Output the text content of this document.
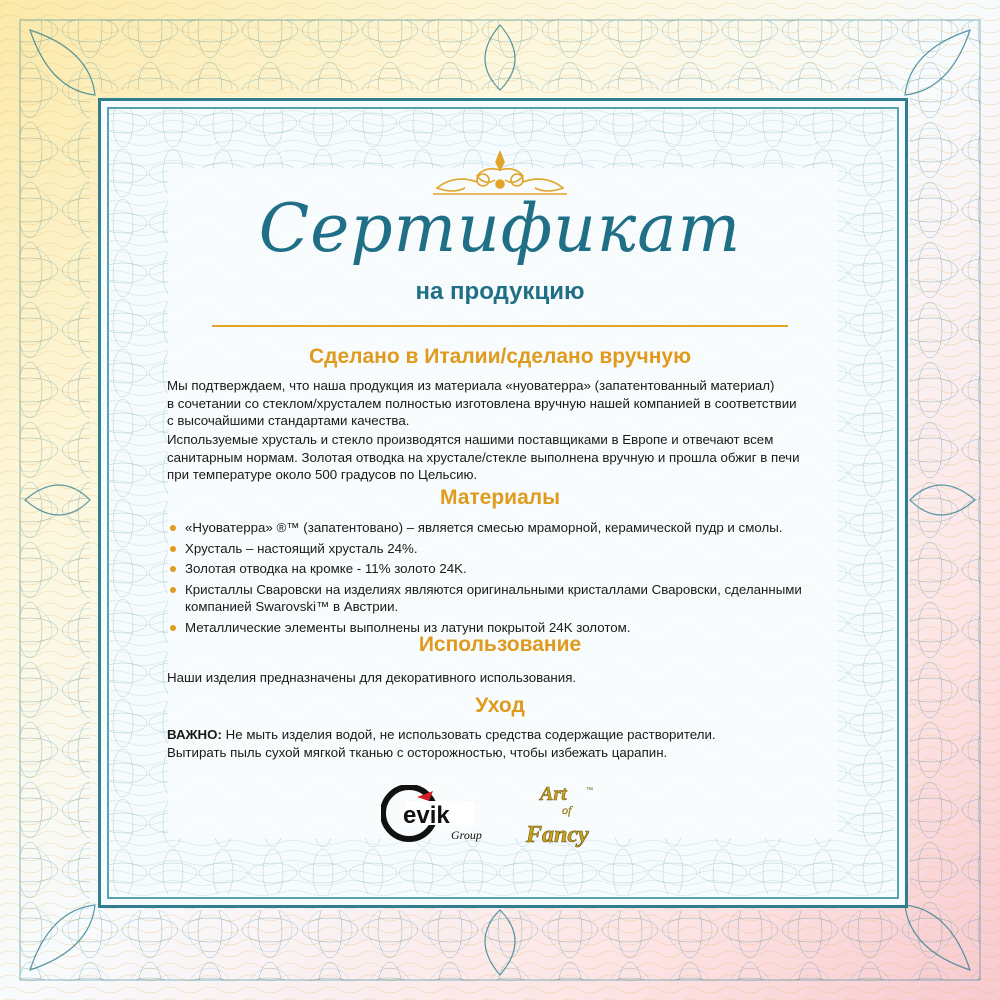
Сертификат
на продукцию
Сделано в Италии/сделано вручную
Мы подтверждаем, что наша продукция из материала «нуоватерра» (запатентованный материал)
в сочетании со стеклом/хрусталем полностью изготовлена вручную нашей компанией в соответствии
с высочайшими стандартами качества.
Используемые хрусталь и стекло производятся нашими поставщиками в Европе и отвечают всем
санитарным нормам. Золотая отводка на хрустале/стекле выполнена вручную и прошла обжиг в печи
при температуре около 500 градусов по Цельсию.
Материалы
«Нуоватерра» ®™ (запатентовано) – является смесью мраморной, керамической пудр и смолы.
Хрусталь – настоящий хрусталь 24%.
Золотая отводка на кромке - 11% золото 24K.
Кристаллы Сваровски на изделиях являются оригинальными кристаллами Сваровски, сделанными компанией Swarovski™ в Австрии.
Металлические элементы выполнены из латуни покрытой 24K золотом.
Использование
Наши изделия предназначены для декоративного использования.
Уход
ВАЖНО: Не мыть изделия водой, не использовать средства содержащие растворители.
Вытирать пыль сухой мягкой тканью с осторожностью, чтобы избежать царапин.
evik
Group
Art	™
of
Fancy
